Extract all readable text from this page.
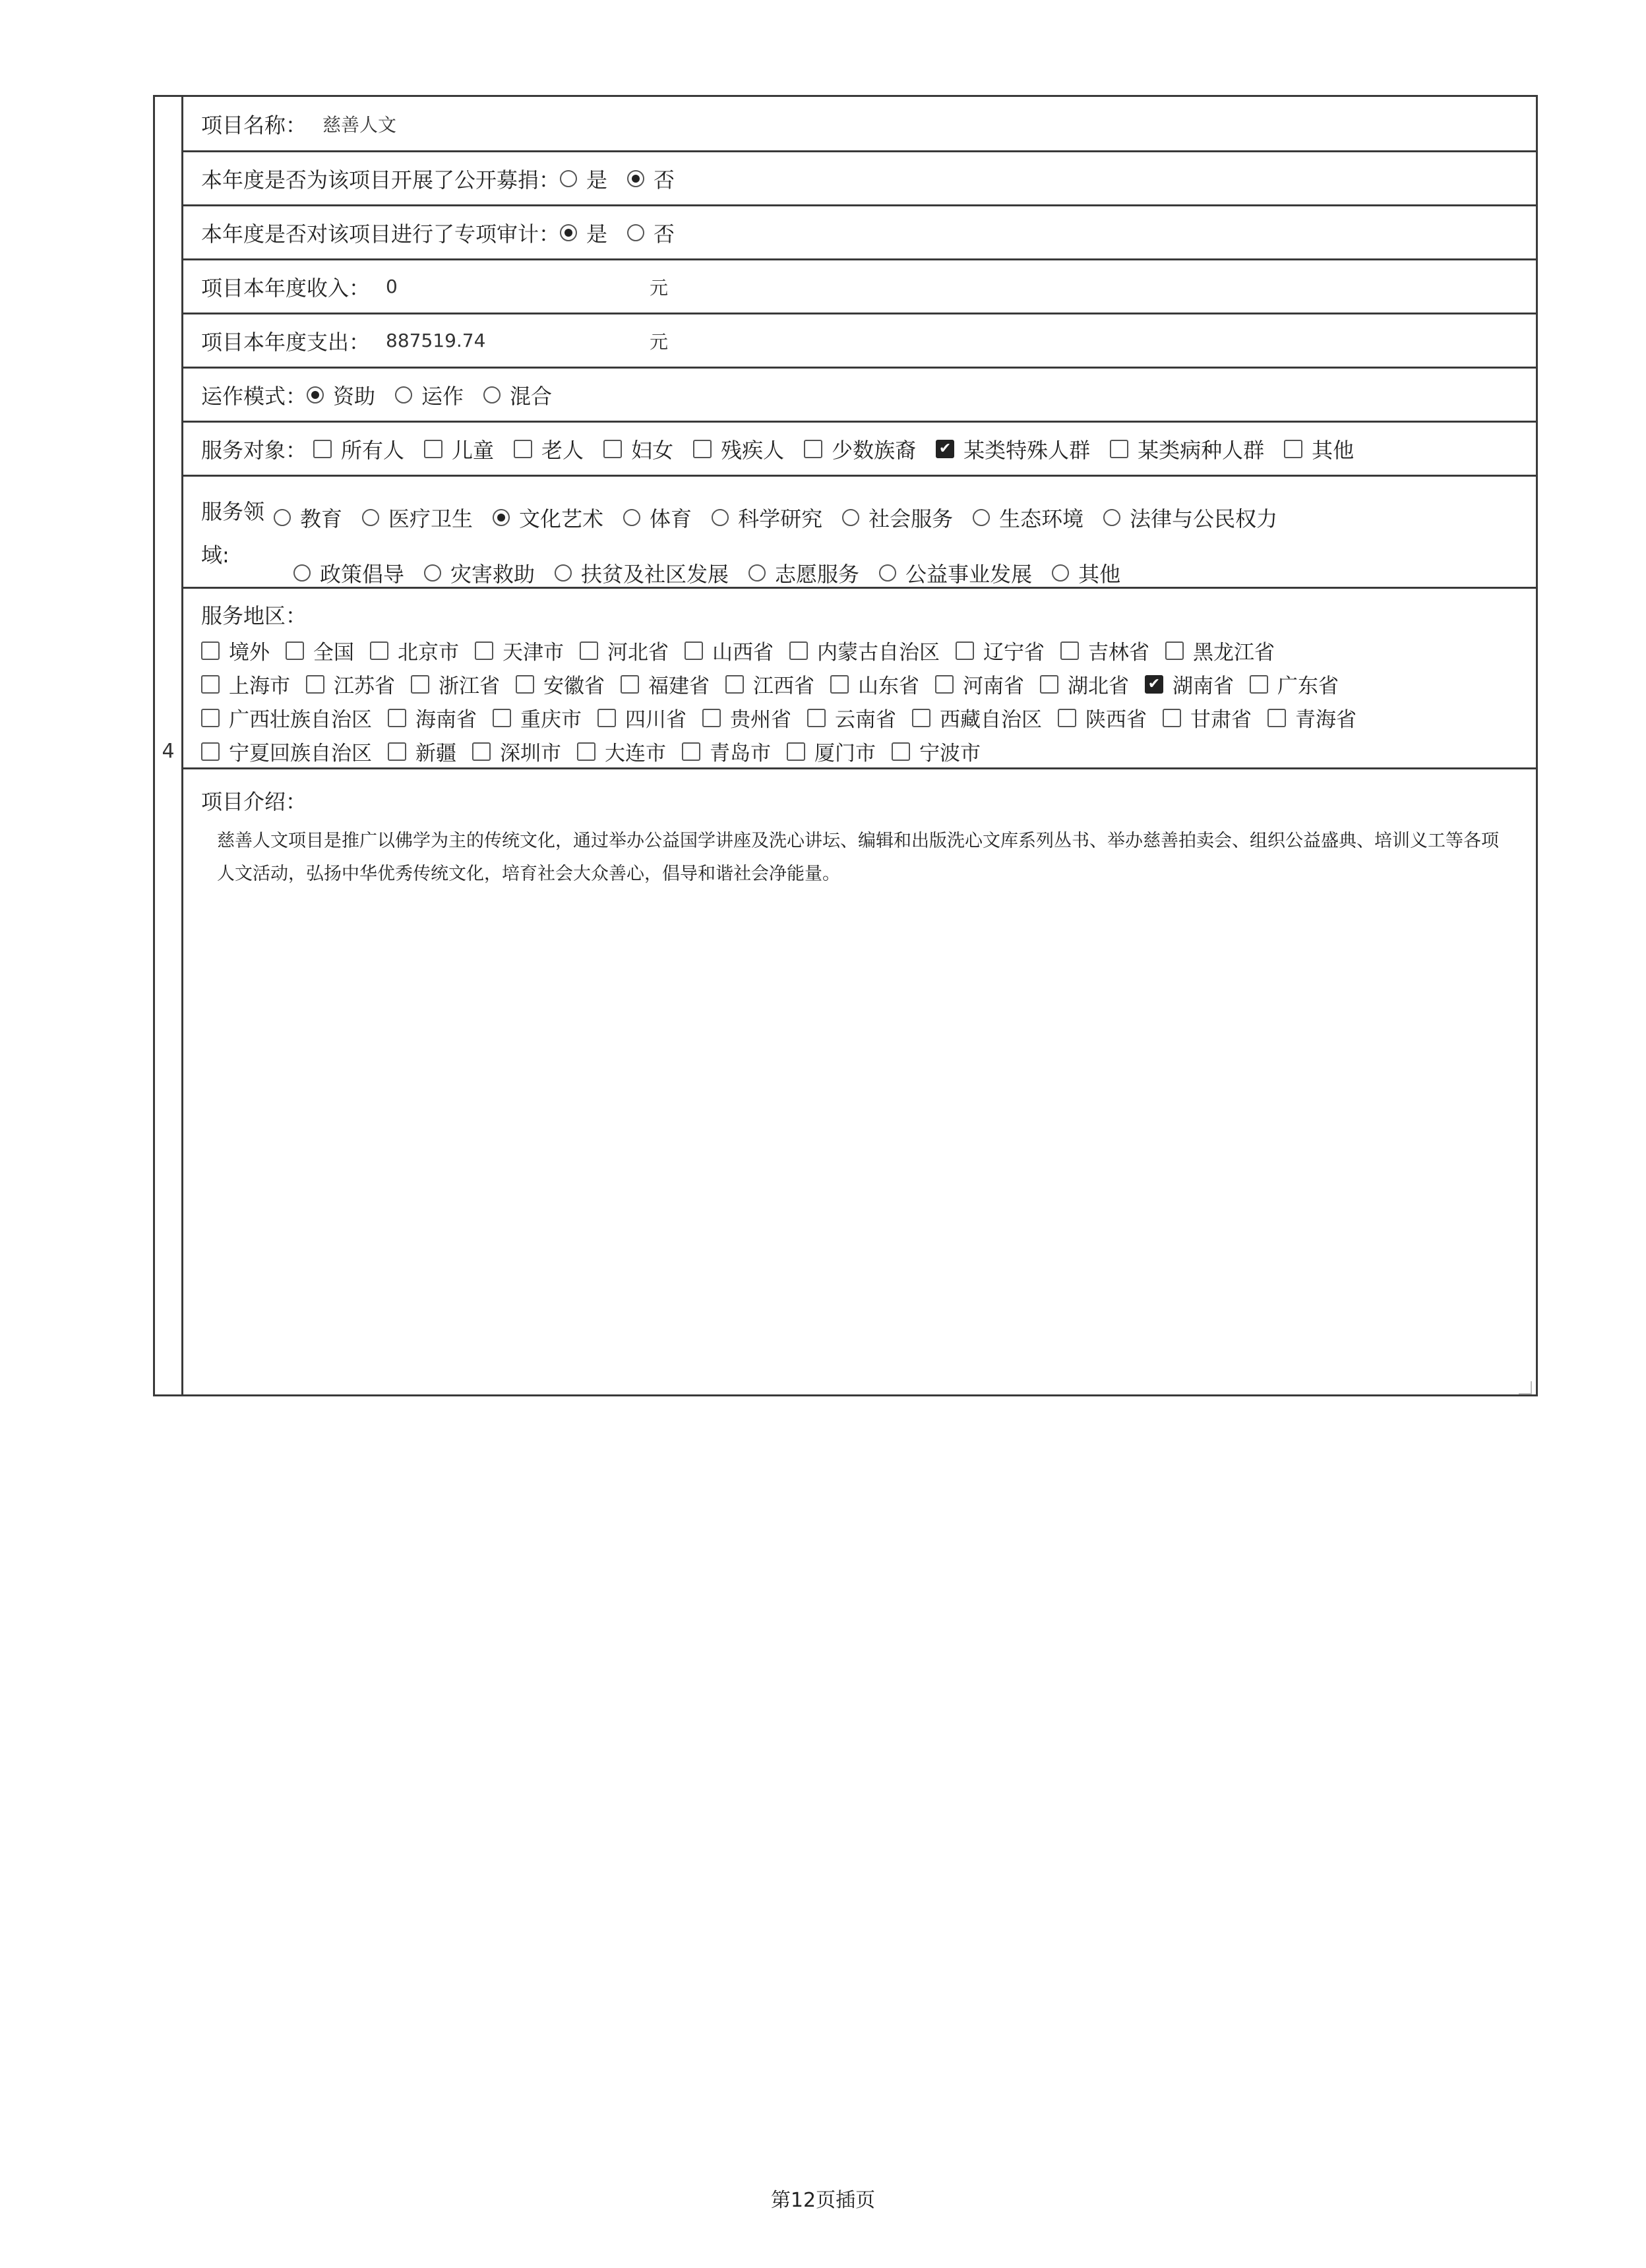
4
项目名称： 慈善人文
本年度是否为该项目开展了公开募捐： 是 否
本年度是否对该项目进行了专项审计： 是 否
项目本年度收入： 0	元
项目本年度支出： 887519.74	元
运作模式： 资助 运作 混合
服务对象： 所有人 儿童 老人 妇女 残疾人 少数族裔 ✔ 某类特殊人群 某类病种人群 其他
服务领域:
教育 医疗卫生 文化艺术 体育 科学研究 社会服务 生态环境 法律与公民权力
政策倡导 灾害救助 扶贫及社区发展 志愿服务 公益事业发展 其他
服务地区：
境外 全国 北京市 天津市 河北省 山西省 内蒙古自治区 辽宁省 吉林省 黑龙江省
上海市 江苏省 浙江省 安徽省 福建省 江西省 山东省 河南省 湖北省 ✔ 湖南省 广东省
广西壮族自治区 海南省 重庆市 四川省 贵州省 云南省 西藏自治区 陕西省 甘肃省 青海省
宁夏回族自治区 新疆 深圳市 大连市 青岛市 厦门市 宁波市
项目介绍：
慈善人文项目是推广以佛学为主的传统文化，通过举办公益国学讲座及洗心讲坛、编辑和出版洗心文库系列丛书、举办慈善拍卖会、组织公益盛典、培训义工等各项人文活动，弘扬中华优秀传统文化，培育社会大众善心，倡导和谐社会净能量。
第12页插页
